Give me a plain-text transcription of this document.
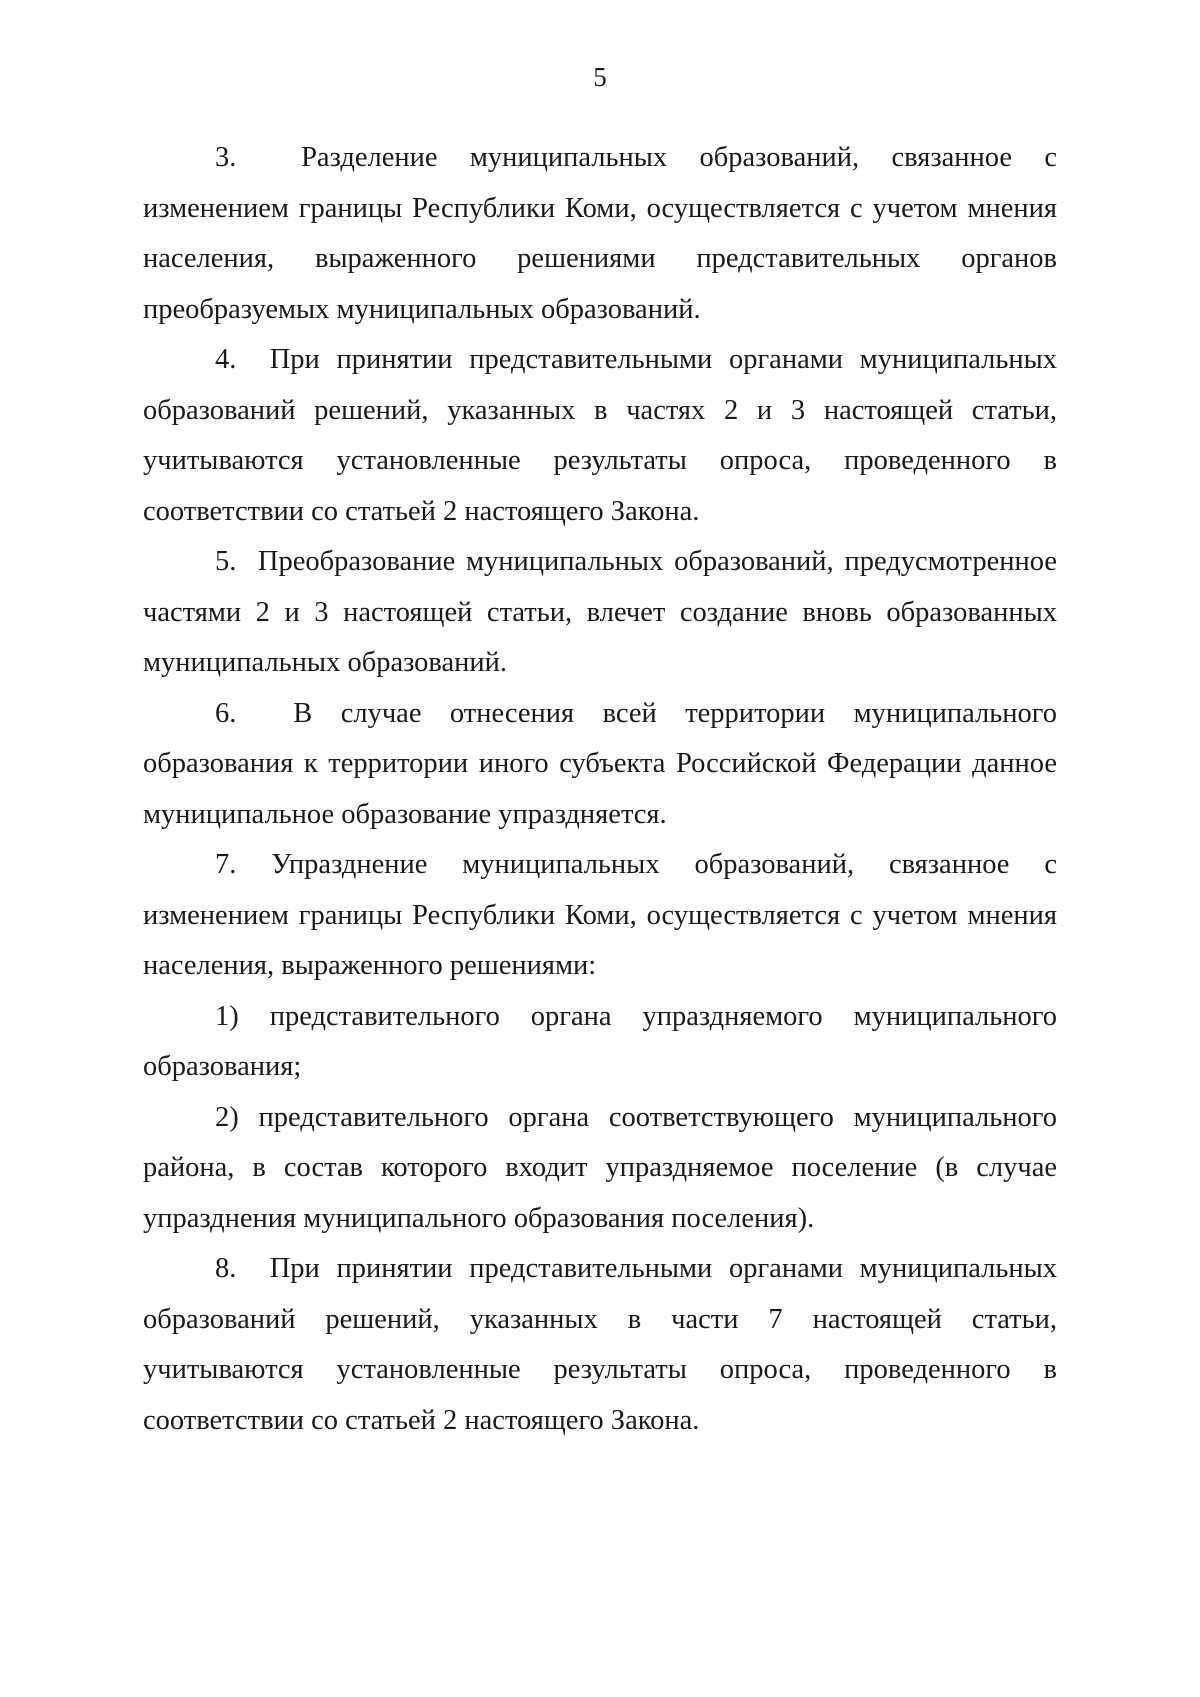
5

3.  Разделение муниципальных образований, связанное с изменением границы Республики Коми, осуществляется с учетом мнения населения, выраженного решениями представительных органов преобразуемых муниципальных образований.

4.  При принятии представительными органами муниципальных образований решений, указанных в частях 2 и 3 настоящей статьи, учитываются установленные результаты опроса, проведенного в соответствии со статьей 2 настоящего Закона.

5.  Преобразование муниципальных образований, предусмотренное частями 2 и 3 настоящей статьи, влечет создание вновь образованных муниципальных образований.

6.  В случае отнесения всей территории муниципального образования к территории иного субъекта Российской Федерации данное муниципальное образование упраздняется.

7. Упразднение муниципальных образований, связанное с изменением границы Республики Коми, осуществляется с учетом мнения населения, выраженного решениями:

1) представительного органа упраздняемого муниципального образования;

2) представительного органа соответствующего муниципального района, в состав которого входит упраздняемое поселение (в случае упразднения муниципального образования поселения).

8.  При принятии представительными органами муниципальных образований решений, указанных в части 7 настоящей статьи, учитываются установленные результаты опроса, проведенного в соответствии со статьей 2 настоящего Закона.
